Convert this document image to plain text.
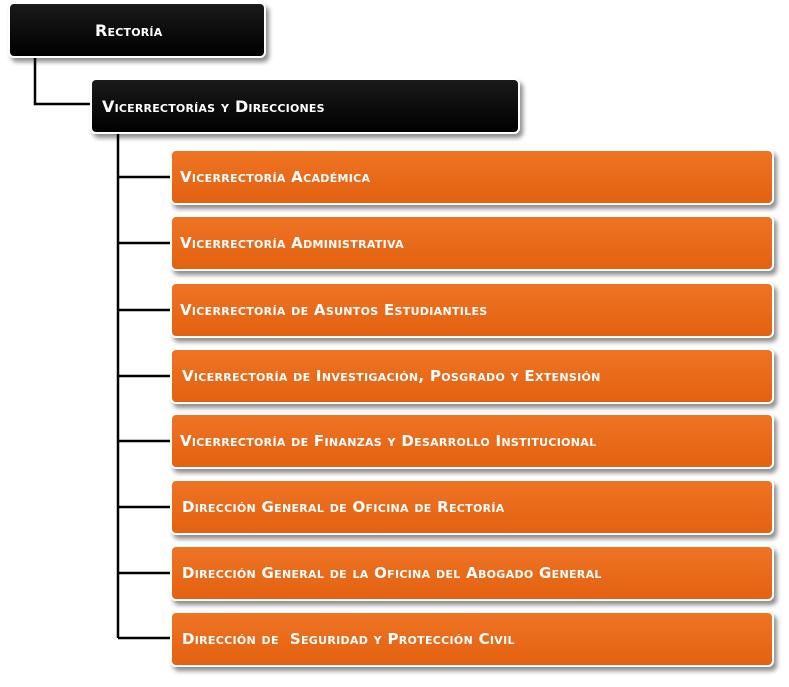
Rectoría
Vicerrectorías y Direcciones
Vicerrectoría Académica
Vicerrectoría Administrativa
Vicerrectoría de Asuntos Estudiantiles
Vicerrectoría de Investigación, Posgrado y Extensión
Vicerrectoría de Finanzas y Desarrollo Institucional
Dirección General de Oficina de Rectoría
Dirección General de la Oficina del Abogado General
Dirección de  Seguridad y Protección Civil
